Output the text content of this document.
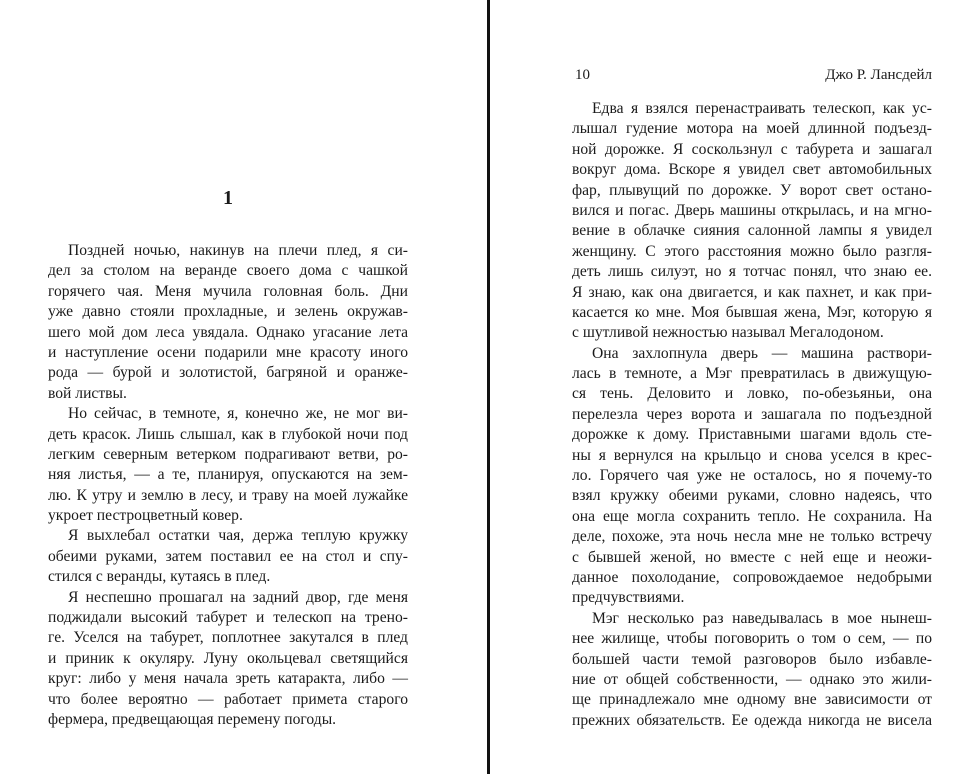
1
10	Джо Р. Лансдейл
Поздней ночью, накинув на плечи плед, я си-
дел за столом на веранде своего дома с чашкой
горячего чая. Меня мучила головная боль. Дни
уже давно стояли прохладные, и зелень окружав-
шего мой дом леса увядала. Однако угасание лета
и наступление осени подарили мне красоту иного
рода — бурой и золотистой, багряной и оранже-
вой листвы.
Но сейчас, в темноте, я, конечно же, не мог ви-
деть красок. Лишь слышал, как в глубокой ночи под
легким северным ветерком подрагивают ветви, ро-
няя листья, — а те, планируя, опускаются на зем-
лю. К утру и землю в лесу, и траву на моей лужайке
укроет пестроцветный ковер.
Я выхлебал остатки чая, держа теплую кружку
обеими руками, затем поставил ее на стол и спу-
стился с веранды, кутаясь в плед.
Я неспешно прошагал на задний двор, где меня
поджидали высокий табурет и телескоп на трено-
ге. Уселся на табурет, поплотнее закутался в плед
и приник к окуляру. Луну окольцевал светящийся
круг: либо у меня начала зреть катаракта, либо —
что более вероятно — работает примета старого
фермера, предвещающая перемену погоды.
Едва я взялся перенастраивать телескоп, как ус-
лышал гудение мотора на моей длинной подъезд-
ной дорожке. Я соскользнул с табурета и зашагал
вокруг дома. Вскоре я увидел свет автомобильных
фар, плывущий по дорожке. У ворот свет остано-
вился и погас. Дверь машины открылась, и на мгно-
вение в облачке сияния салонной лампы я увидел
женщину. С этого расстояния можно было разгля-
деть лишь силуэт, но я тотчас понял, что знаю ее.
Я знаю, как она двигается, и как пахнет, и как при-
касается ко мне. Моя бывшая жена, Мэг, которую я
с шутливой нежностью называл Мегалодоном.
Она захлопнула дверь — машина раствори-
лась в темноте, а Мэг превратилась в движущую-
ся тень. Деловито и ловко, по-обезьяньи, она
перелезла через ворота и зашагала по подъездной
дорожке к дому. Приставными шагами вдоль сте-
ны я вернулся на крыльцо и снова уселся в крес-
ло. Горячего чая уже не осталось, но я почему-то
взял кружку обеими руками, словно надеясь, что
она еще могла сохранить тепло. Не сохранила. На
деле, похоже, эта ночь несла мне не только встречу
с бывшей женой, но вместе с ней еще и неожи-
данное похолодание, сопровождаемое недобрыми
предчувствиями.
Мэг несколько раз наведывалась в мое нынеш-
нее жилище, чтобы поговорить о том о сем, — по
большей части темой разговоров было избавле-
ние от общей собственности, — однако это жили-
ще принадлежало мне одному вне зависимости от
прежних обязательств. Ее одежда никогда не висела
